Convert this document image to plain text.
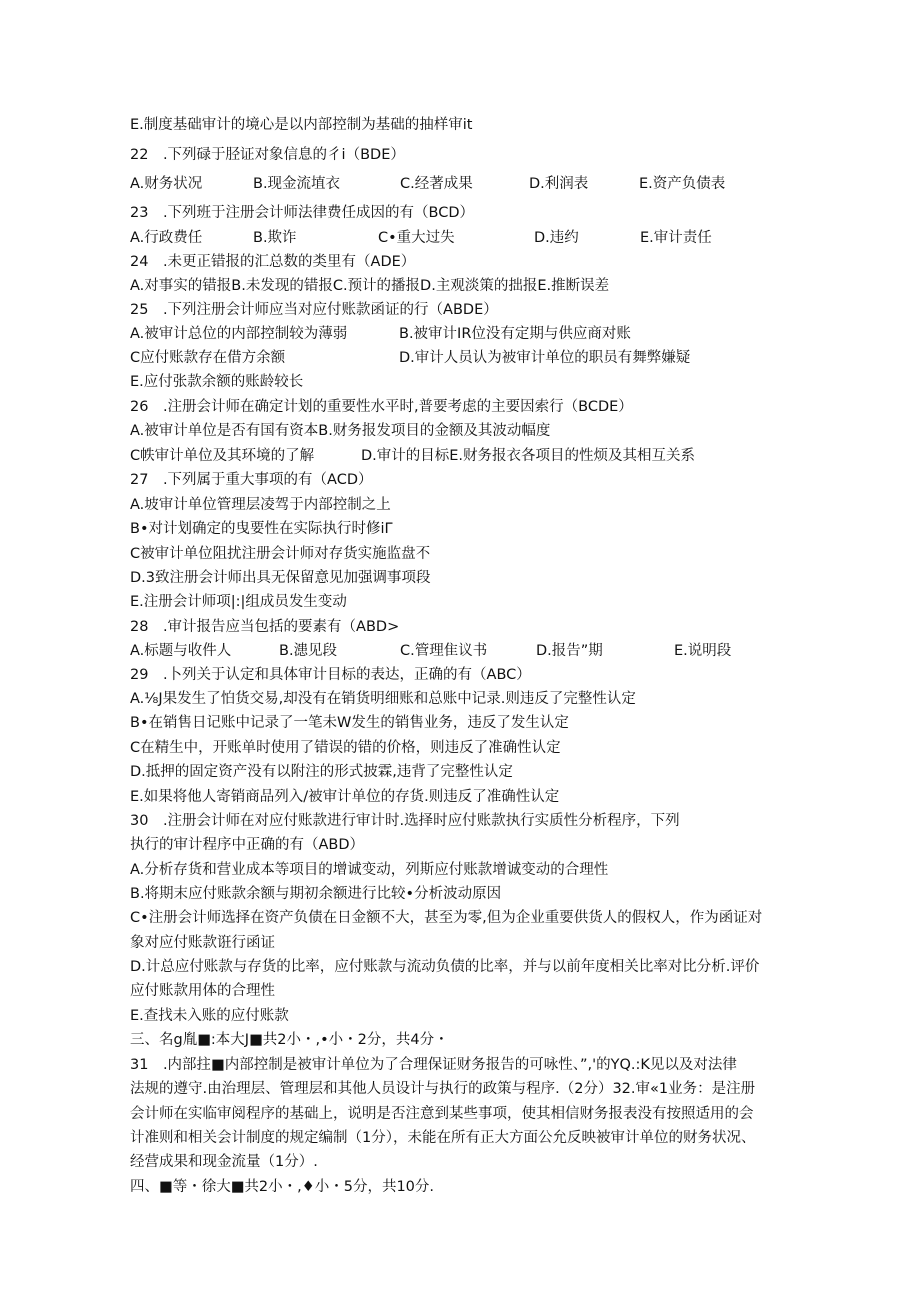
E.制度基础审计的境心是以内部控制为基础的抽样审it
22　.下列碌于胫证对象信息的彳i（BDE）
A.财务状况	B.现金流埴衣	C.经著成果	D.利润表	E.资产负债表
23　.下列班于注册会计师法律费任成因的有（BCD）
A.行政费任	B.欺诈	C•重大过失	D.违约	E.审计责任
24　.未更正错报的汇总数的类里有（ADE）
A.对事实的错报B.未发现的错报C.预计的播报D.主观淡策的拙报E.推断误差
25　.下列注册会计师应当对应付账款函证的行（ABDE）
A.被审计总位的内部控制较为薄弱	B.被审计IR位没有定期与供应商对账
C应付账款存在借方余额	D.审计人员认为被审计单位的职员有舞弊嫌疑
E.应付张款余额的账龄较长
26　.注册会计师在确定计划的重要性水平时,普要考虑的主要因索行（BCDE）
A.被审计单位是否有国有资本B.财务报发项目的金额及其波动幅度
C帙审计单位及其环境的了解	D.审计的目标E.财务报衣各项目的性烦及其相互关系
27　.下列属于重大事项的有（ACD）
A.坡审计单位管理层凌驾于内部控制之上
B•对计划确定的曳要性在实际执行时修iΓ
C被审计单位阻扰注册会计师对存货实施监盘不
D.3致注册会计师出具无保留意见加强调事项段
E.注册会计师项|:|组成员发生变动
28　.审计报告应当包括的要素有（ABD>
A.标题与收件人	B.漶见段	C.管理隹议书	D.报告”期	E.说明段
29　.卜列关于认定和具体审计目标的表达，正确的有（ABC）
A.⅛J果发生了怕货交易,却没有在销货明细账和总账中记录.则违反了完整性认定
B•在销售日记账中记录了一笔未W发生的销售业务，违反了发生认定
C在精生中，开账单时使用了错误的错的价格，则违反了准确性认定
D.抵押的固定资产没有以附注的形式披霖,违背了完整性认定
E.如果将他人寄销商品列入/被审计单位的存货.则违反了准确性认定
30　.注册会计师在对应付账款进行审计时.选择时应付账款执行实质性分析程序，下列
执行的审计程序中正确的有（ABD）
A.分析存货和营业成本等项目的增诚变动，列斯应付账款增诚变动的合理性
B.将期末应付账款余额与期初余额进行比较•分析波动原因
C•注册会计师选择在资产负债在日金额不大，甚至为零,但为企业重要供货人的假权人，作为函证对
象对应付账款诳行函证
D.计总应付账款与存货的比率，应付账款与流动负债的比率，并与以前年度相关比率对比分析.评价
应付账款用体的合理性
E.查找未入账的应付账款
三、名g胤■:本大J■共2小・,•小・2分，共4分・
31　.内部拄■内部控制是被审计单位为了合理保证财务报告的可咏性、”,'的YQ.:K见以及对法律
法规的遵守.由治理层、管理层和其他人员设计与执行的政策与程序.（2分）32.审«1业务：是注册
会计师在实临审阅程序的基础上，说明是否注意到某些事项，使其相信财务报表没有按照适用的会
计准则和相关会计制度的规定编制（1分），未能在所有正大方面公允反映被审计单位的财务状况、
经营成果和现金流量（1分）.
四、■等・徐大■共2小・,♦小・5分，共10分.
